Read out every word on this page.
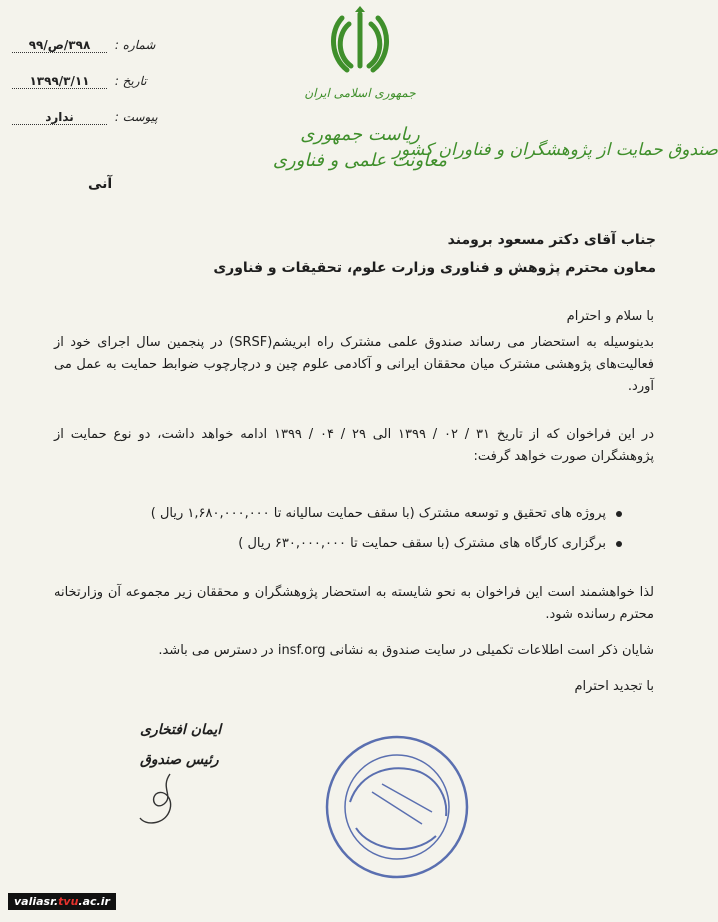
شماره : ۳۹۸/ص/۹۹
تاریخ : ۱۳۹۹/۳/۱۱
پیوست : ندارد
جمهوری اسلامی ایران
ریاست جمهوری
معاونت علمی و فناوری
صندوق حمایت از پژوهشگران و فناوران کشور
آنی
جناب آقای دکتر مسعود برومند
معاون محترم پژوهش و فناوری وزارت علوم، تحقیقات و فناوری
با سلام و احترام
بدینوسیله به استحضار می رساند صندوق علمی مشترک راه ابریشم(SRSF) در پنجمین سال اجرای خود از فعالیت‌های پژوهشی مشترک میان محققان ایرانی و آکادمی علوم چین و درچارچوب ضوابط حمایت به عمل می آورد.
در این فراخوان که از تاریخ ۳۱ / ۰۲ / ۱۳۹۹ الی ۲۹ / ۰۴ / ۱۳۹۹ ادامه خواهد داشت، دو نوع حمایت از پژوهشگران صورت خواهد گرفت:
پروژه های تحقیق و توسعه مشترک (با سقف حمایت سالیانه تا ۱,۶۸۰,۰۰۰,۰۰۰ ریال )
برگزاری کارگاه های مشترک (با سقف حمایت تا ۶۳۰,۰۰۰,۰۰۰ ریال )
لذا خواهشمند است این فراخوان به نحو شایسته به استحضار پژوهشگران و محققان زیر مجموعه آن وزارتخانه محترم رسانده شود.
شایان ذکر است اطلاعات تکمیلی در سایت صندوق به نشانی insf.org در دسترس می باشد.
با تجدید احترام
ایمان افتخاری
رئیس صندوق
valiasr.tvu.ac.ir
